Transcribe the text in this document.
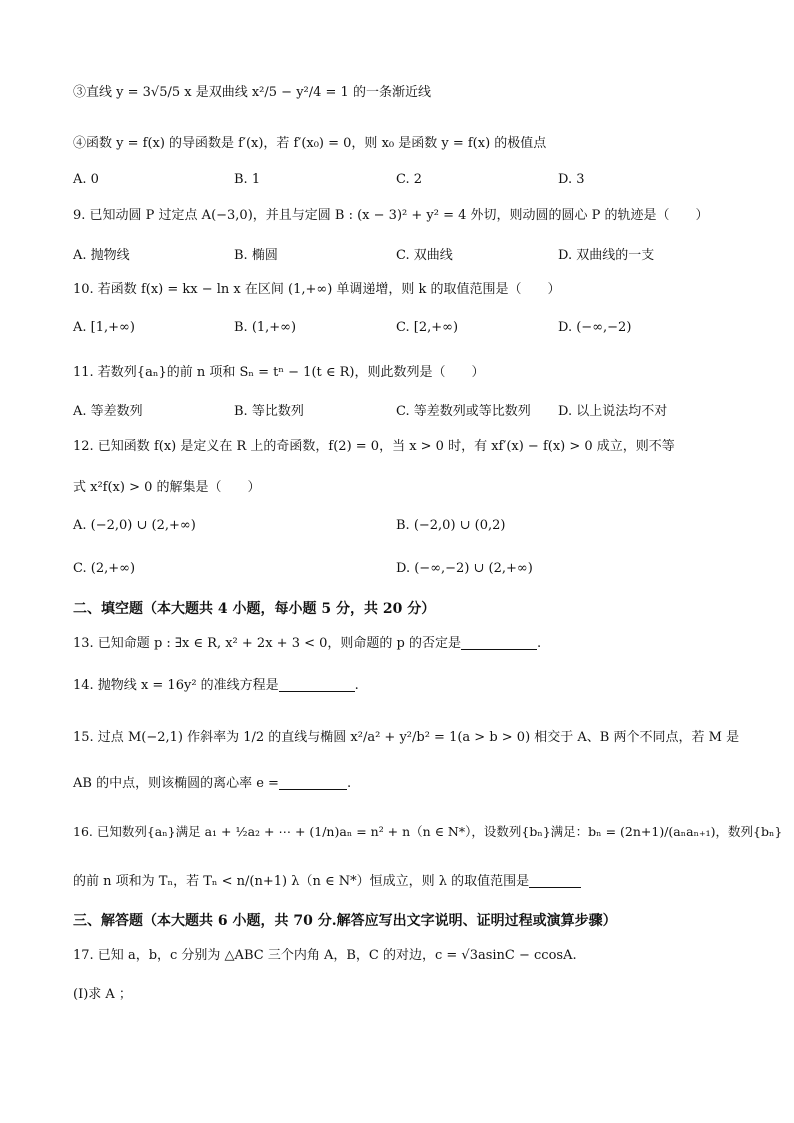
③直线 y = 3√5/5 x 是双曲线 x²/5 − y²/4 = 1 的一条渐近线
④函数 y = f(x) 的导函数是 f′(x)，若 f′(x₀) = 0，则 x₀ 是函数 y = f(x) 的极值点
A. 0	B. 1	C. 2	D. 3
9. 已知动圆 P 过定点 A(−3,0)，并且与定圆 B : (x − 3)² + y² = 4 外切，则动圆的圆心 P 的轨迹是（　　）
A. 抛物线	B. 椭圆	C. 双曲线	D. 双曲线的一支
10. 若函数 f(x) = kx − ln x 在区间 (1,+∞) 单调递增，则 k 的取值范围是（　　）
A. [1,+∞)	B. (1,+∞)	C. [2,+∞)	D. (−∞,−2)
11. 若数列{aₙ}的前 n 项和 Sₙ = tⁿ − 1(t ∈ R)，则此数列是（　　）
A. 等差数列	B. 等比数列	C. 等差数列或等比数列 D. 以上说法均不对
12. 已知函数 f(x) 是定义在 R 上的奇函数，f(2) = 0，当 x > 0 时，有 xf′(x) − f(x) > 0 成立，则不等
式 x²f(x) > 0 的解集是（　　）
A. (−2,0) ∪ (2,+∞)	B. (−2,0) ∪ (0,2)
C. (2,+∞)	D. (−∞,−2) ∪ (2,+∞)
二、填空题（本大题共 4 小题，每小题 5 分，共 20 分）
13. 已知命题 p : ∃x ∈ R, x² + 2x + 3 < 0，则命题的 p 的否定是	.
14. 抛物线 x = 16y² 的准线方程是	.
15. 过点 M(−2,1) 作斜率为 1/2 的直线与椭圆 x²/a² + y²/b² = 1(a > b > 0) 相交于 A、B 两个不同点，若 M 是
AB 的中点，则该椭圆的离心率 e =	.
16. 已知数列{aₙ}满足 a₁ + ½a₂ + ⋯ + (1/n)aₙ = n² + n（n ∈ N*），设数列{bₙ}满足：bₙ = (2n+1)/(aₙaₙ₊₁)，数列{bₙ}
的前 n 项和为 Tₙ，若 Tₙ < n/(n+1) λ（n ∈ N*）恒成立，则 λ 的取值范围是
三、解答题（本大题共 6 小题，共 70 分.解答应写出文字说明、证明过程或演算步骤）
17. 已知 a，b，c 分别为 △ABC 三个内角 A，B，C 的对边，c = √3asinC − ccosA.
(Ⅰ)求 A ；
